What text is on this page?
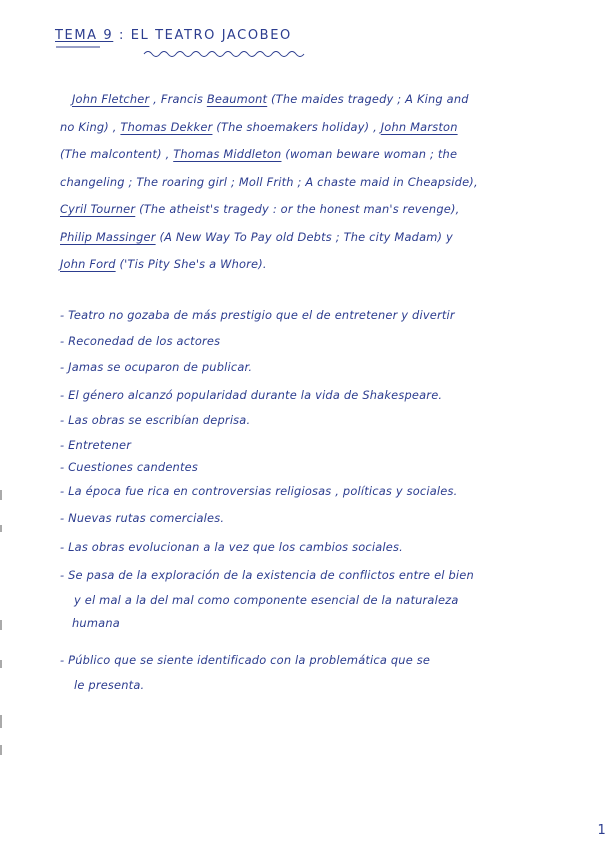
TEMA 9 : EL TEATRO JACOBEO
John Fletcher , Francis Beaumont (The maides tragedy ; A King and
no King) , Thomas Dekker (The shoemakers holiday) , John Marston
(The malcontent) , Thomas Middleton (woman beware woman ; the
changeling ; The roaring girl ; Moll Frith ; A chaste maid in Cheapside),
Cyril Tourner (The atheist's tragedy : or the honest man's revenge),
Philip Massinger (A New Way To Pay old Debts ; The city Madam) y
John Ford ('Tis Pity She's a Whore).
- Teatro no gozaba de más prestigio que el de entretener y divertir
- Reconedad de los actores
- Jamas se ocuparon de publicar.
- El género alcanzó popularidad durante la vida de Shakespeare.
- Las obras se escribían deprisa.
- Entretener
- Cuestiones candentes
- La época fue rica en controversias religiosas , políticas y sociales.
- Nuevas rutas comerciales.
- Las obras evolucionan a la vez que los cambios sociales.
- Se pasa de la exploración de la existencia de conflictos entre el bien
y el mal a la del mal como componente esencial de la naturaleza
humana
- Público que se siente identificado con la problemática que se
le presenta.
1
